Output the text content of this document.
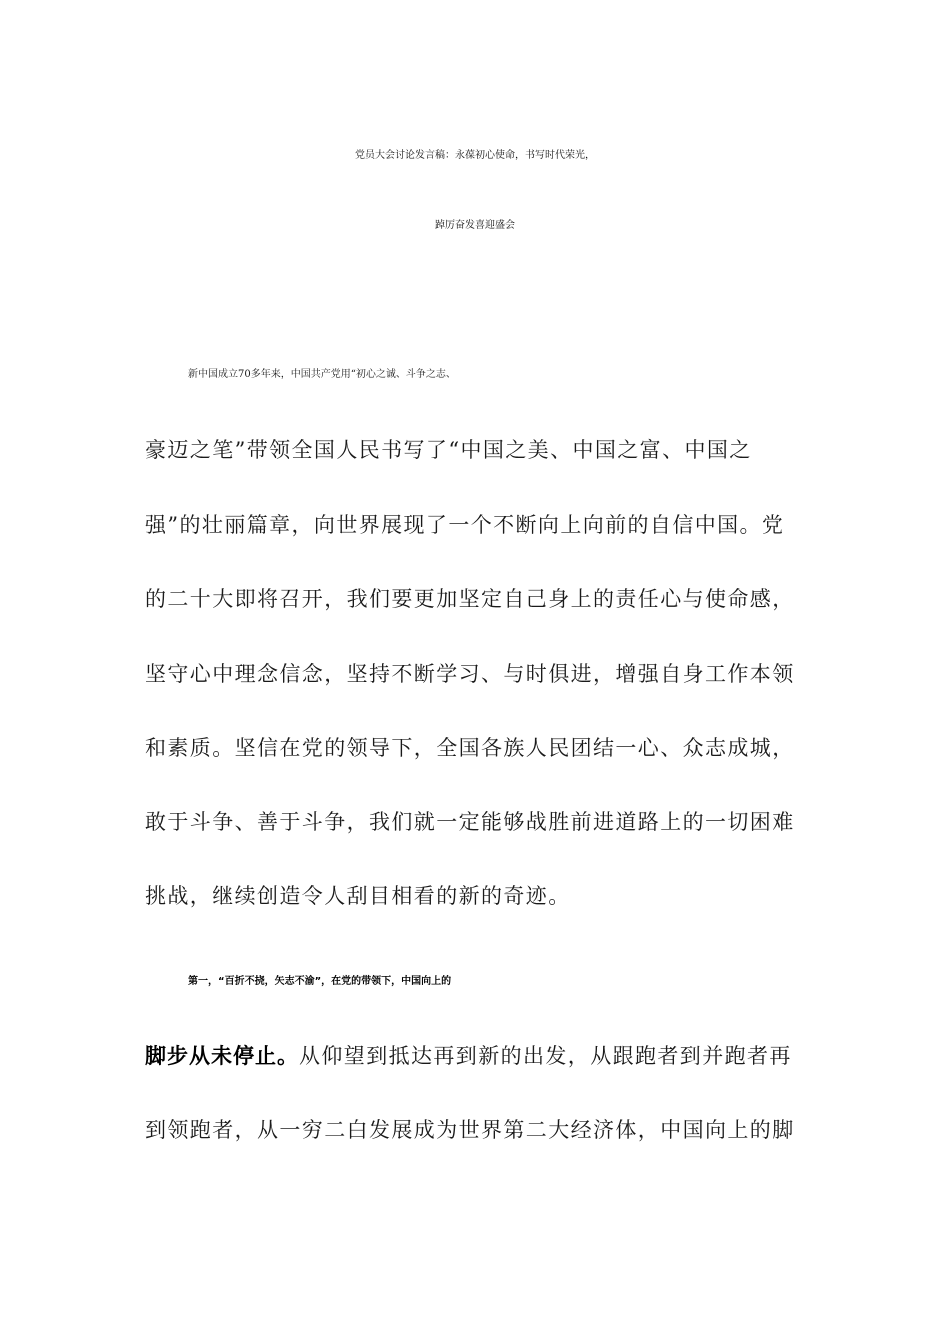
党员大会讨论发言稿：永葆初心使命，书写时代荣光，
踔厉奋发喜迎盛会
新中国成立70多年来，中国共产党用“初心之诚、斗争之志、
豪迈之笔”带领全国人民书写了“中国之美、中国之富、中国之
强”的壮丽篇章，向世界展现了一个不断向上向前的自信中国。党
的二十大即将召开，我们要更加坚定自己身上的责任心与使命感，
坚守心中理念信念，坚持不断学习、与时俱进，增强自身工作本领
和素质。坚信在党的领导下，全国各族人民团结一心、众志成城，
敢于斗争、善于斗争，我们就一定能够战胜前进道路上的一切困难
挑战，继续创造令人刮目相看的新的奇迹。
第一，“百折不挠，矢志不渝”，在党的带领下，中国向上的
脚步从未停止。从仰望到抵达再到新的出发，从跟跑者到并跑者再
到领跑者，从一穷二白发展成为世界第二大经济体，中国向上的脚
